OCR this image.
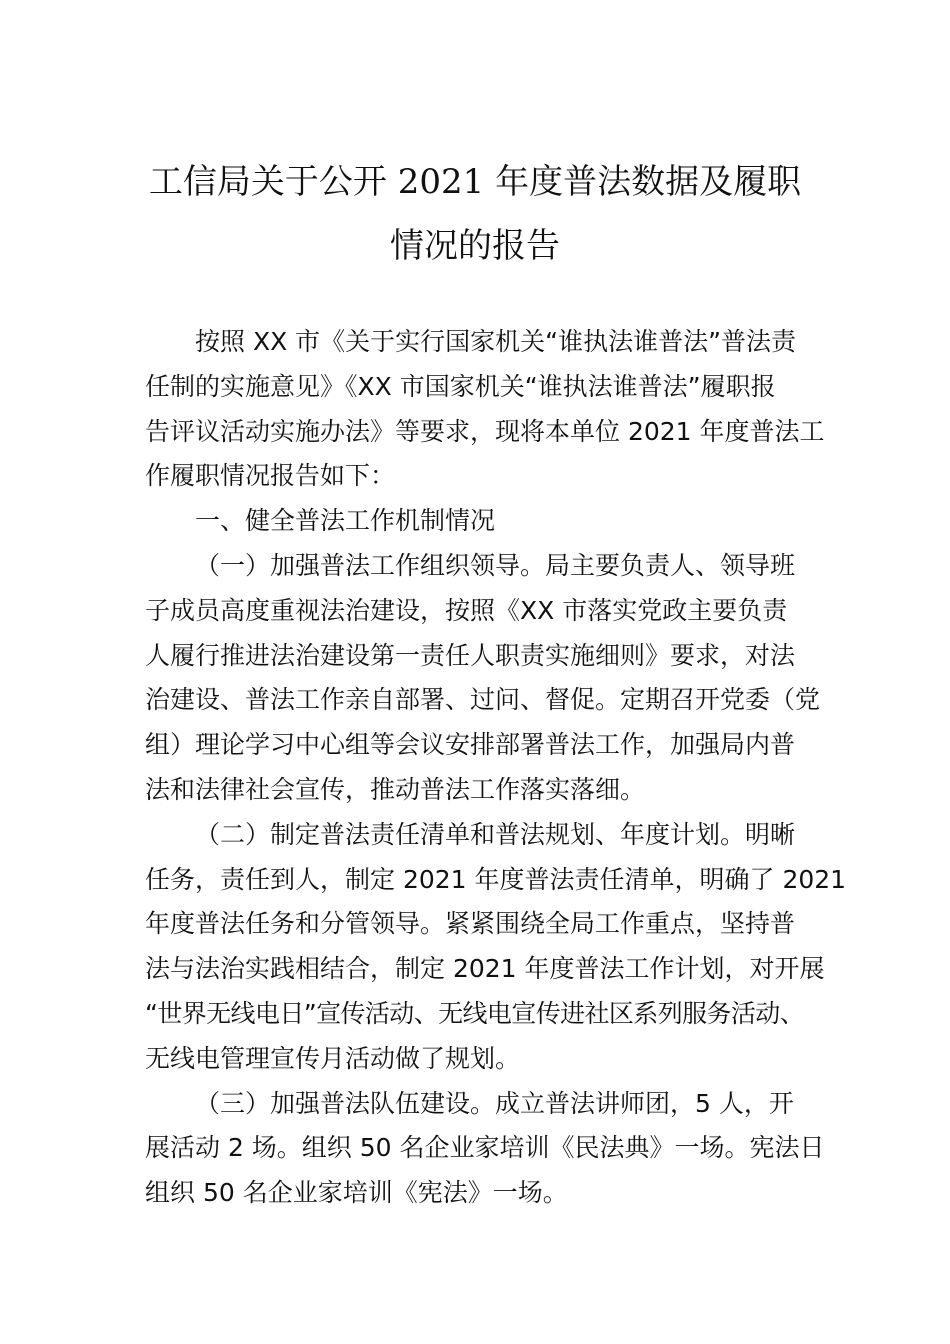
工信局关于公开 2021 年度普法数据及履职
情况的报告
按照 XX 市《关于实行国家机关“谁执法谁普法”普法责
任制的实施意见》《XX 市国家机关“谁执法谁普法”履职报
告评议活动实施办法》等要求，现将本单位 2021 年度普法工
作履职情况报告如下：
一、健全普法工作机制情况
（一）加强普法工作组织领导。局主要负责人、领导班
子成员高度重视法治建设，按照《XX 市落实党政主要负责
人履行推进法治建设第一责任人职责实施细则》要求，对法
治建设、普法工作亲自部署、过问、督促。定期召开党委（党
组）理论学习中心组等会议安排部署普法工作，加强局内普
法和法律社会宣传，推动普法工作落实落细。
（二）制定普法责任清单和普法规划、年度计划。明晰
任务，责任到人，制定 2021 年度普法责任清单，明确了 2021
年度普法任务和分管领导。紧紧围绕全局工作重点，坚持普
法与法治实践相结合，制定 2021 年度普法工作计划，对开展
“世界无线电日”宣传活动、无线电宣传进社区系列服务活动、
无线电管理宣传月活动做了规划。
（三）加强普法队伍建设。成立普法讲师团，5 人，开
展活动 2 场。组织 50 名企业家培训《民法典》一场。宪法日
组织 50 名企业家培训《宪法》一场。
